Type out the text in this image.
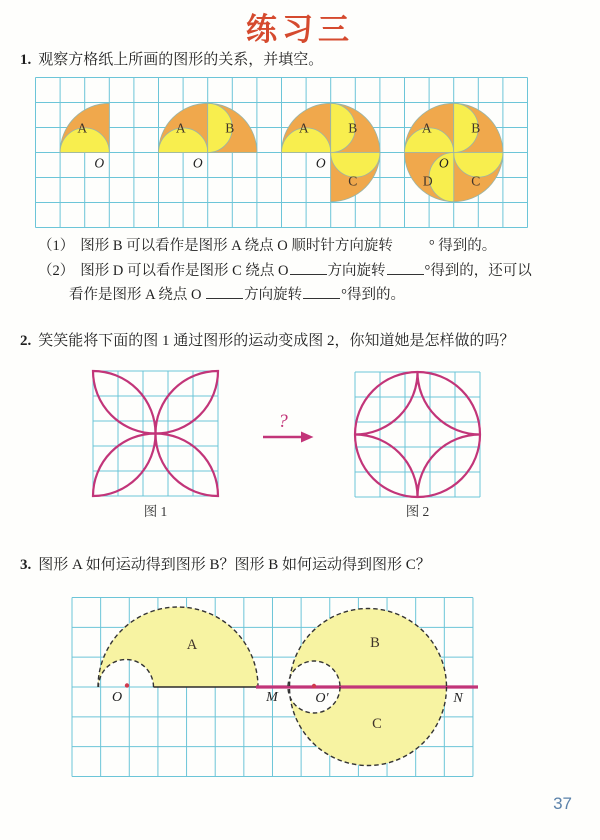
练习三
1. 观察方格纸上所画的图形的关系，并填空。
A
O
A	B
O
A	B
C
O
A	B
C
D
O
（1） 图形 B 可以看作是图形 A 绕点 O 顺时针方向旋转 ° 得到的。
（2） 图形 D 可以看作是图形 C 绕点 O	方向旋转	°得到的，还可以
看作是图形 A 绕点 O	方向旋转	°得到的。
2. 笑笑能将下面的图 1 通过图形的运动变成图 2，你知道她是怎样做的吗？
图 1
?
图 2
3. 图形 A 如何运动得到图形 B？图形 B 如何运动得到图形 C？
A	B
C
O	M	O′	N
37
